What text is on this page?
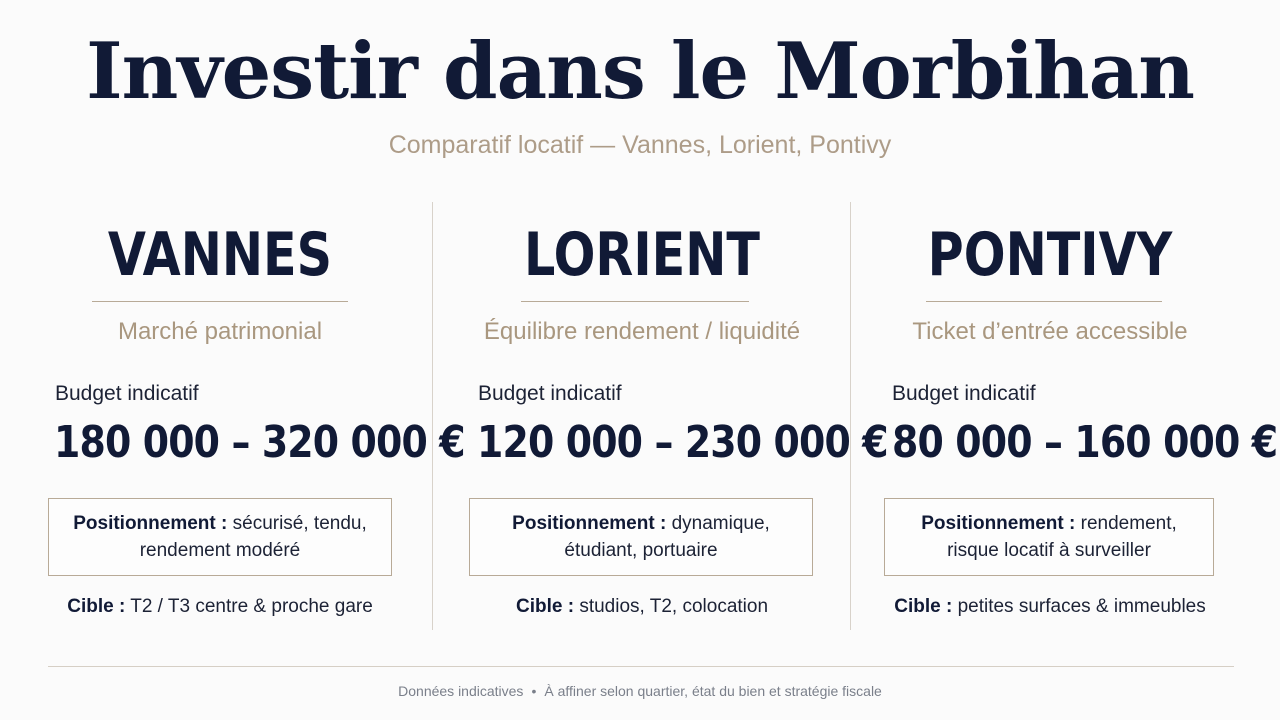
Investir dans le Morbihan
Comparatif locatif — Vannes, Lorient, Pontivy
VANNES
Marché patrimonial
Budget indicatif
180 000 – 320 000 €
Positionnement : sécurisé, tendu,
rendement modéré
Cible : T2 / T3 centre & proche gare
LORIENT
Équilibre rendement / liquidité
Budget indicatif
120 000 – 230 000 €
Positionnement : dynamique,
étudiant, portuaire
Cible : studios, T2, colocation
PONTIVY
Ticket d’entrée accessible
Budget indicatif
80 000 – 160 000 €
Positionnement : rendement,
risque locatif à surveiller
Cible : petites surfaces & immeubles
Données indicatives • À affiner selon quartier, état du bien et stratégie fiscale
